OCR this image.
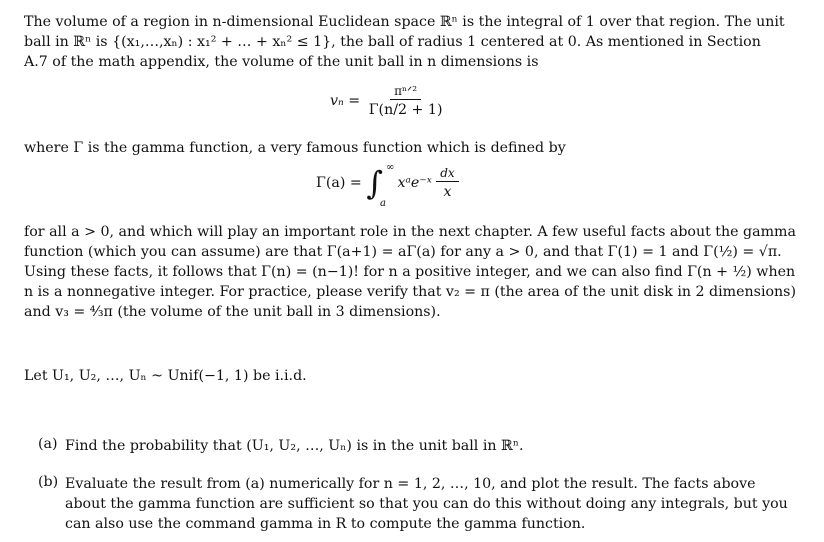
The volume of a region in n-dimensional Euclidean space ℝⁿ is the integral of 1 over that region. The unit
ball in ℝⁿ is {(x₁,…,xₙ) : x₁² + … + xₙ² ≤ 1}, the ball of radius 1 centered at 0. As mentioned in Section
A.7 of the math appendix, the volume of the unit ball in n dimensions is
$v_n = \frac{\text{πⁿᐟ²}}{\Gamma(n/2 + 1)}$
where Γ is the gamma function, a very famous function which is defined by
Γ(a) = ∫ ∞
a
xᵃe⁻ˣ $\frac{dx}{x}$
for all a > 0, and which will play an important role in the next chapter. A few useful facts about the gamma
function (which you can assume) are that Γ(a+1) = aΓ(a) for any a > 0, and that Γ(1) = 1 and Γ(½) = √π.
Using these facts, it follows that Γ(n) = (n−1)! for n a positive integer, and we can also find Γ(n + ½) when
n is a nonnegative integer. For practice, please verify that v₂ = π (the area of the unit disk in 2 dimensions)
and v₃ = ⁴⁄₃π (the volume of the unit ball in 3 dimensions).
Let U₁, U₂, …, Uₙ ~ Unif(−1, 1) be i.i.d.
(a) Find the probability that (U₁, U₂, …, Uₙ) is in the unit ball in ℝⁿ.
(b) Evaluate the result from (a) numerically for n = 1, 2, …, 10, and plot the result. The facts above
about the gamma function are sufficient so that you can do this without doing any integrals, but you
can also use the command gamma in R to compute the gamma function.
